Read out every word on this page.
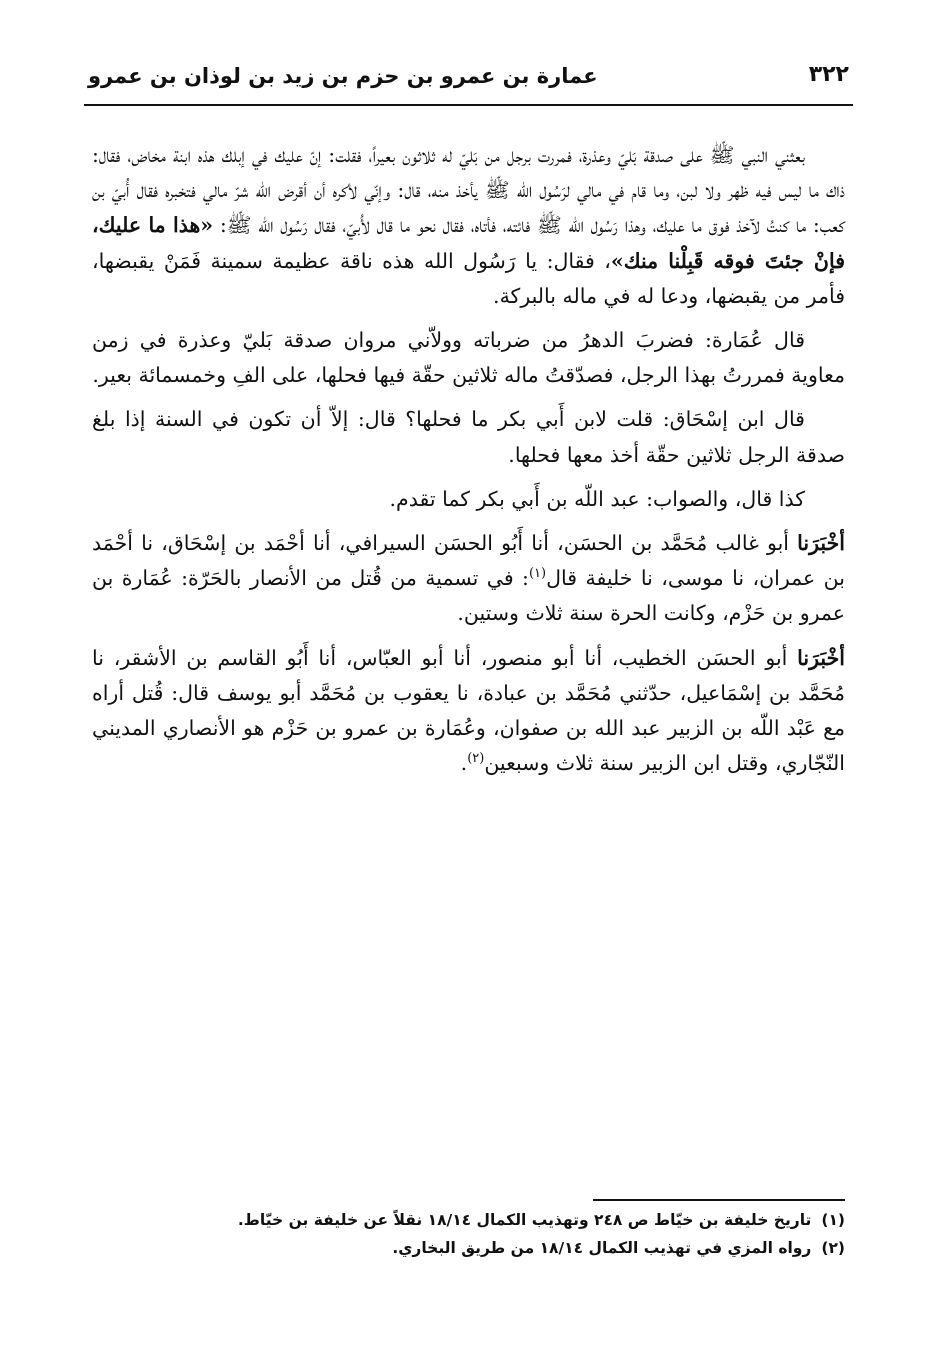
٣٢٢
عمارة بن عمرو بن حزم بن زيد بن لوذان بن عمرو

بعثني النبي ﷺ على صدقة بَليّ وعذرة، فمررت برجل من بَليّ له ثلاثون بعيراً، فقلت: إنّ عليك في إبلك هذه ابنة مخاض، فقال: ذاك ما ليس فيه ظهر ولا لبن، وما قام في مالي لرَسُول الله ﷺ يأخذ منه، قال: وإنّي لأكره أن أقرض الله شرّ مالي فتخبره فقال أُبيّ بن كعب: ما كنتُ لآخذ فوق ما عليك، وهذا رَسُول الله ﷺ فائته، فأتاه، فقال نحو ما قال لأُبيّ، فقال رَسُول الله ﷺ: «هذا ما عليك، فإنْ جئتَ فوقه قَبِلْنا منك»، فقال: يا رَسُول الله هذه ناقة عظيمة سمينة فَمَنْ يقبضها، فأمر من يقبضها، ودعا له في ماله بالبركة.

قال عُمَارة: فضربَ الدهرُ من ضرباته وولاّني مروان صدقة بَليّ وعذرة في زمن معاوية فمررتُ بهذا الرجل، فصدّقتُ ماله ثلاثين حقّة فيها فحلها، على الفِ وخمسمائة بعير.

قال ابن إسْحَاق: قلت لابن أَبي بكر ما فحلها؟ قال: إلاّ أن تكون في السنة إذا بلغ صدقة الرجل ثلاثين حقّة أخذ معها فحلها.

كذا قال، والصواب: عبد اللّه بن أَبي بكر كما تقدم.

أخْبَرَنا أبو غالب مُحَمَّد بن الحسَن، أنا أَبُو الحسَن السيرافي، أنا أحْمَد بن إسْحَاق، نا أحْمَد بن عمران، نا موسى، نا خليفة قال$^{(١)}$: في تسمية من قُتل من الأنصار بالحَرّة: عُمَارة بن عمرو بن حَزْم، وكانت الحرة سنة ثلاث وستين.

أخْبَرَنا أبو الحسَن الخطيب، أنا أبو منصور، أنا أبو العبّاس، أنا أَبُو القاسم بن الأشقر، نا مُحَمَّد بن إسْمَاعيل، حدّثني مُحَمَّد بن عبادة، نا يعقوب بن مُحَمَّد أبو يوسف قال: قُتل أراه مع عَبْد اللّه بن الزبير عبد الله بن صفوان، وعُمَارة بن عمرو بن حَزْم هو الأنصاري المديني النّجّاري، وقتل ابن الزبير سنة ثلاث وسبعين$^{(٢)}$.

(١)تاريخ خليفة بن خيّاط ص ٢٤٨ وتهذيب الكمال ١٨/١٤ نقلاً عن خليفة بن خيّاط.
(٢)رواه المزي في تهذيب الكمال ١٨/١٤ من طريق البخاري.
